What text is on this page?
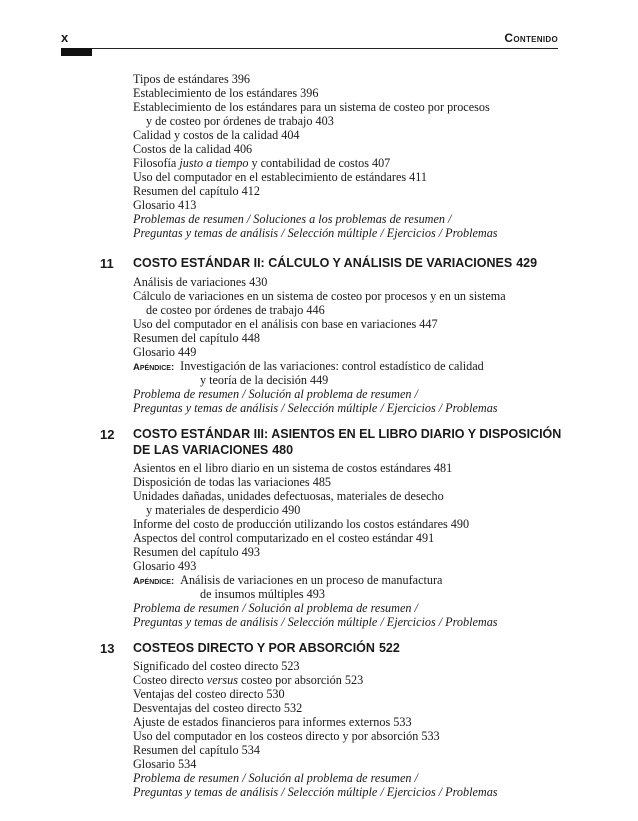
x	Contenido
Tipos de estándares 396
Establecimiento de los estándares 396
Establecimiento de los estándares para un sistema de costeo por procesos
y de costeo por órdenes de trabajo 403
Calidad y costos de la calidad 404
Costos de la calidad 406
Filosofía justo a tiempo y contabilidad de costos 407
Uso del computador en el establecimiento de estándares 411
Resumen del capítulo 412
Glosario 413
Problemas de resumen / Soluciones a los problemas de resumen /
Preguntas y temas de análisis / Selección múltiple / Ejercicios / Problemas
11 COSTO ESTÁNDAR II: CÁLCULO Y ANÁLISIS DE VARIACIONES 429
Análisis de variaciones 430
Cálculo de variaciones en un sistema de costeo por procesos y en un sistema
de costeo por órdenes de trabajo 446
Uso del computador en el análisis con base en variaciones 447
Resumen del capítulo 448
Glosario 449
Apéndice: Investigación de las variaciones: control estadístico de calidad
y teoría de la decisión 449
Problema de resumen / Solución al problema de resumen /
Preguntas y temas de análisis / Selección múltiple / Ejercicios / Problemas
12 COSTO ESTÁNDAR III: ASIENTOS EN EL LIBRO DIARIO Y DISPOSICIÓN
DE LAS VARIACIONES 480
Asientos en el libro diario en un sistema de costos estándares 481
Disposición de todas las variaciones 485
Unidades dañadas, unidades defectuosas, materiales de desecho
y materiales de desperdicio 490
Informe del costo de producción utilizando los costos estándares 490
Aspectos del control computarizado en el costeo estándar 491
Resumen del capítulo 493
Glosario 493
Apéndice: Análisis de variaciones en un proceso de manufactura
de insumos múltiples 493
Problema de resumen / Solución al problema de resumen /
Preguntas y temas de análisis / Selección múltiple / Ejercicios / Problemas
13 COSTEOS DIRECTO Y POR ABSORCIÓN 522
Significado del costeo directo 523
Costeo directo versus costeo por absorción 523
Ventajas del costeo directo 530
Desventajas del costeo directo 532
Ajuste de estados financieros para informes externos 533
Uso del computador en los costeos directo y por absorción 533
Resumen del capítulo 534
Glosario 534
Problema de resumen / Solución al problema de resumen /
Preguntas y temas de análisis / Selección múltiple / Ejercicios / Problemas
